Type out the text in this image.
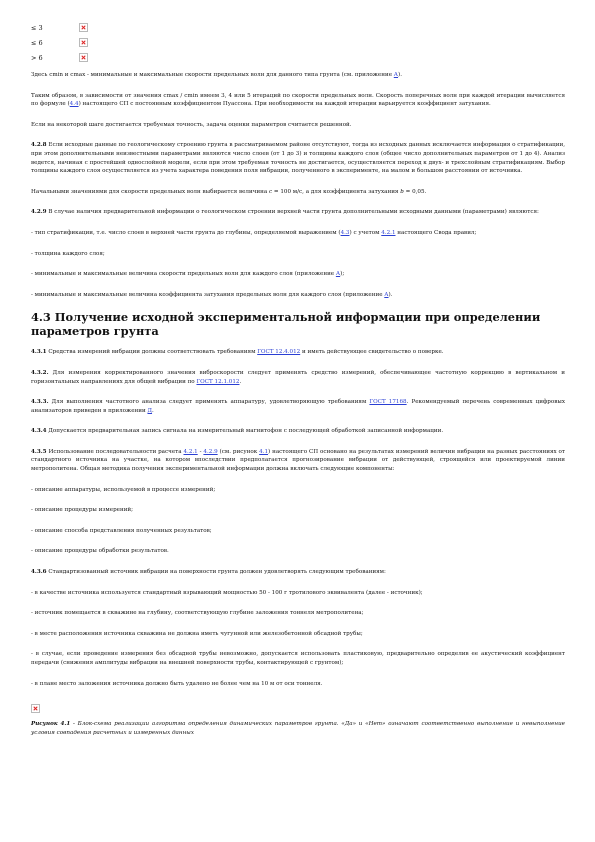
≤ 3
≤ 6
> 6

Здесь cmin и cmax - минимальные и максимальные скорости предельных волн для данного типа грунта (см. приложение А).

Таким образом, в зависимости от значения cmax / cmin имеем 3, 4 или 5 итераций по скорости предельных волн. Скорость поперечных волн при каждой итерации вычисляется по формуле (4.4) настоящего СП с постоянным коэффициентом Пуассона. При необходимости на каждой итерации варьируется коэффициент затухания.

Если на некоторой шаге достигается требуемая точность, задача оценки параметров считается решенной.

4.2.8 Если исходные данные по геологическому строению грунта в рассматриваемом районе отсутствуют, тогда из исходных данных исключается информация о стратификации, при этом дополнительными неизвестными параметрами являются число слоев (от 1 до 3) и толщины каждого слоя (общее число дополнительных параметров от 1 до 4). Анализ ведется, начиная с простейшей однослойной модели, если при этом требуемая точность не достигается, осуществляется переход к двух- и трехслойным стратификациям. Выбор толщины каждого слоя осуществляется из учета характера поведения поля вибрации, полученного в эксперименте, на малом и большом расстоянии от источника.

Начальными значениями для скорости предельных волн выбирается величина c = 100 м/с, а для коэффициента затухания b = 0,05.

4.2.9 В случае наличия предварительной информации о геологическом строении верхней части грунта дополнительными исходными данными (параметрами) являются:

- тип стратификации, т.е. число слоев в верхней части грунта до глубины, определяемой выражением (4.3) с учетом 4.2.1 настоящего Свода правил;

- толщина каждого слоя;

- минимальные и максимальные величина скорости предельных волн для каждого слоя (приложение А);

- минимальные и максимальные величина коэффициента затухания предельных волн для каждого слоя (приложение А).

4.3 Получение исходной экспериментальной информации при определении параметров грунта

4.3.1 Средства измерений вибрации должны соответствовать требованиям ГОСТ 12.4.012 и иметь действующее свидетельство о поверке.

4.3.2. Для измерения корректированного значения виброскорости следует применять средство измерений, обеспечивающее частотную коррекцию в вертикальном и горизонтальных направлениях для общей вибрации по ГОСТ 12.1.012.

4.3.3. Для выполнения частотного анализа следует применять аппаратуру, удовлетворяющую требованиям ГОСТ 17168. Рекомендуемый перечень современных цифровых анализаторов приведен в приложении Д.

4.3.4 Допускается предварительная запись сигнала на измерительный магнитофон с последующей обработкой записанной информации.

4.3.5 Использование последовательности расчета 4.2.1 - 4.2.9 (см. рисунок 4.1) настоящего СП основано на результатах измерений величин вибрации на разных расстояниях от стандартного источника на участке, на котором впоследствии предполагается прогнозирование вибрации от действующей, строящейся или проектируемой линии метрополитена. Общая методика получения экспериментальной информации должна включать следующие компоненты:

- описание аппаратуры, используемой в процессе измерений;

- описание процедуры измерений;

- описание способа представления полученных результатов;

- описание процедуры обработки результатов.

4.3.6 Стандартизованный источник вибрации на поверхности грунта должен удовлетворять следующим требованиям:

- в качестве источника используется стандартный взрывающий мощностью 50 - 100 г тротилового эквивалента (далее - источник);

- источник помещается в скважине на глубину, соответствующую глубине заложения тоннеля метрополитена;

- в месте расположения источника скважина не должна иметь чугунной или железобетонной обсадной трубы;

- в случае, если проведение измерения без обсадной трубы невозможно, допускается использовать пластиковую, предварительно определив ее акустический коэффициент передачи (снижения амплитуды вибрации на внешней поверхности трубы, контактирующей с грунтом);

- в плане место заложения источника должно быть удалено не более чем на 10 м от оси тоннеля.

Рисунок 4.1 - Блок-схема реализации алгоритма определения динамических параметров грунта. «Да» и «Нет» означают соответственно выполнение и невыполнение условия совпадения расчетных и измеренных данных
